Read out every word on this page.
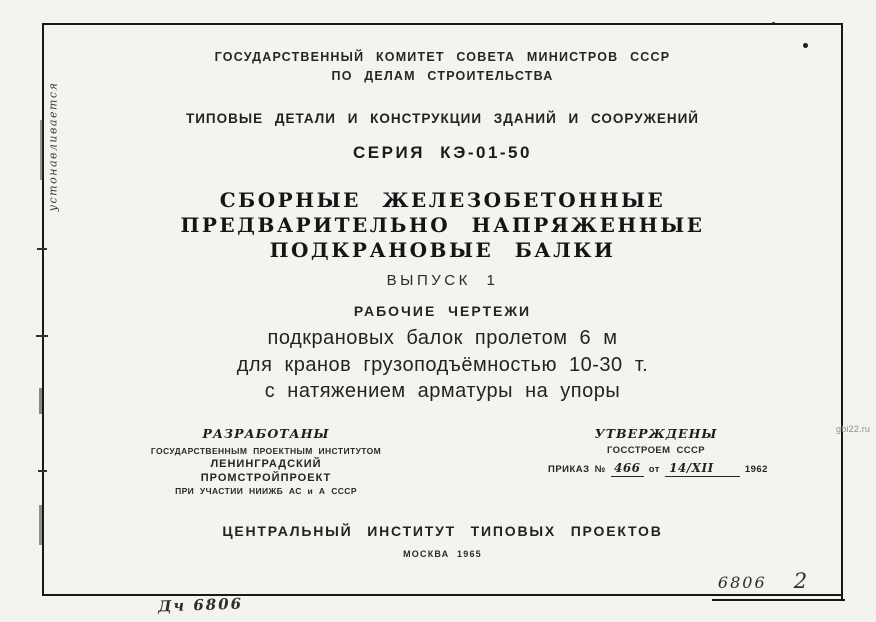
устонавливается
ГОСУДАРСТВЕННЫЙ КОМИТЕТ СОВЕТА МИНИСТРОВ СССР
ПО ДЕЛАМ СТРОИТЕЛЬСТВА
ТИПОВЫЕ ДЕТАЛИ И КОНСТРУКЦИИ ЗДАНИЙ И СООРУЖЕНИЙ
СЕРИЯ КЭ-01-50
СБОРНЫЕ ЖЕЛЕЗОБЕТОННЫЕ
ПРЕДВАРИТЕЛЬНО НАПРЯЖЕННЫЕ
ПОДКРАНОВЫЕ БАЛКИ
ВЫПУСК 1
РАБОЧИЕ ЧЕРТЕЖИ
подкрановых балок пролетом 6 м
для кранов грузоподъёмностью 10-30 т.
с натяжением арматуры на упоры
РАЗРАБОТАНЫ
ГОСУДАРСТВЕННЫМ ПРОЕКТНЫМ ИНСТИТУТОМ
ЛЕНИНГРАДСКИЙ ПРОМСТРОЙПРОЕКТ
ПРИ УЧАСТИИ НИИЖБ АС и А СССР
УТВЕРЖДЕНЫ
ГОССТРОЕМ СССР
ПРИКАЗ № 466 от 14/XII	1962
ЦЕНТРАЛЬНЫЙ ИНСТИТУТ ТИПОВЫХ ПРОЕКТОВ
МОСКВА 1965
6806 2
Дч 6806
gbi22.ru
